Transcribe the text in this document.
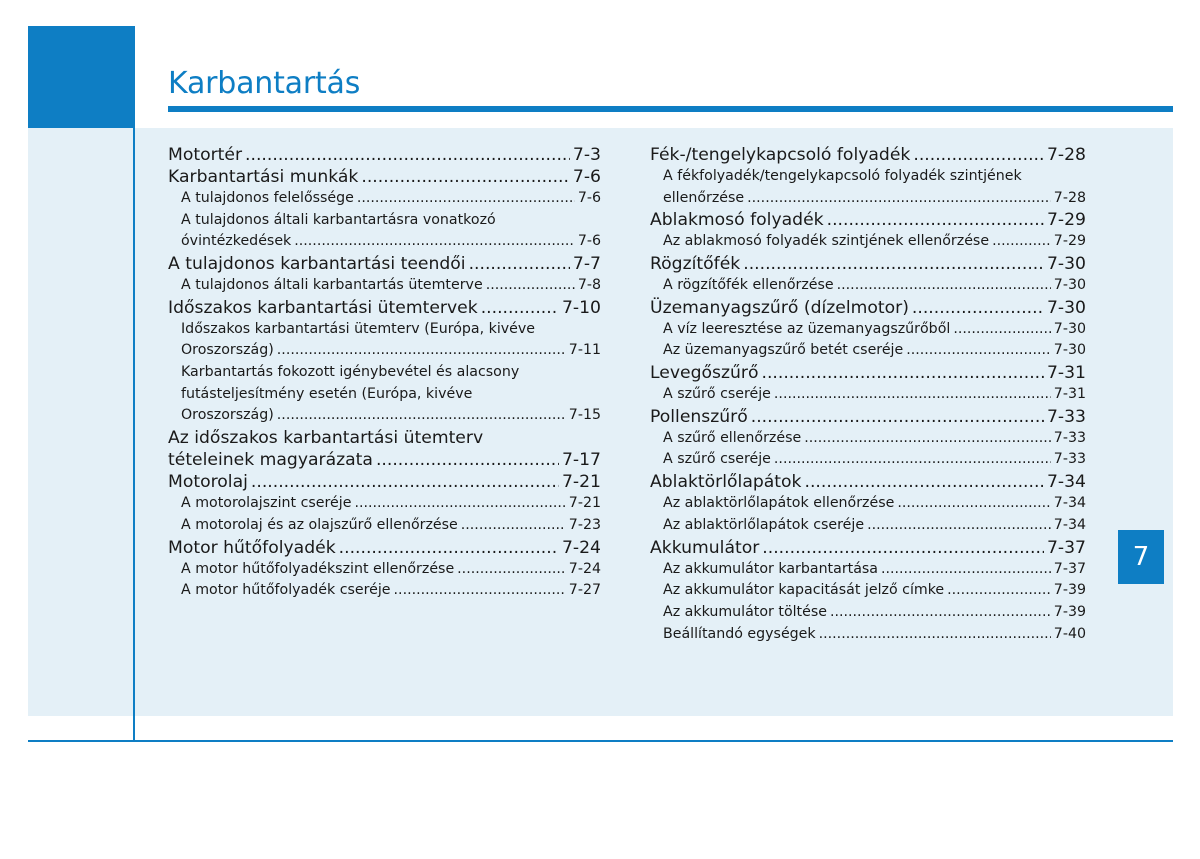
Karbantartás
Motortér .....	7-3
Karbantartási munkák .....	7-6
A tulajdonos felelőssége .....	7-6
A tulajdonos általi karbantartásra vonatkozó
óvintézkedések .....	7-6
A tulajdonos karbantartási teendői .....	7-7
A tulajdonos általi karbantartás ütemterve .....	7-8
Időszakos karbantartási ütemtervek .....	7-10
Időszakos karbantartási ütemterv (Európa, kivéve
Oroszország) .....	7-11
Karbantartás fokozott igénybevétel és alacsony
futásteljesítmény esetén (Európa, kivéve
Oroszország) .....	7-15
Az időszakos karbantartási ütemterv
tételeinek magyarázata .....	7-17
Motorolaj .....	7-21
A motorolajszint cseréje .....	7-21
A motorolaj és az olajszűrő ellenőrzése .....	7-23
Motor hűtőfolyadék .....	7-24
A motor hűtőfolyadékszint ellenőrzése .....	7-24
A motor hűtőfolyadék cseréje .....	7-27
Fék-/tengelykapcsoló folyadék .....	7-28
A fékfolyadék/tengelykapcsoló folyadék szintjének
ellenőrzése .....	7-28
Ablakmosó folyadék .....	7-29
Az ablakmosó folyadék szintjének ellenőrzése .....	7-29
Rögzítőfék .....	7-30
A rögzítőfék ellenőrzése .....	7-30
Üzemanyagszűrő (dízelmotor) .....	7-30
A víz leeresztése az üzemanyagszűrőből .....	7-30
Az üzemanyagszűrő betét cseréje .....	7-30
Levegőszűrő .....	7-31
A szűrő cseréje .....	7-31
Pollenszűrő .....	7-33
A szűrő ellenőrzése .....	7-33
A szűrő cseréje .....	7-33
Ablaktörlőlapátok .....	7-34
Az ablaktörlőlapátok ellenőrzése .....	7-34
Az ablaktörlőlapátok cseréje .....	7-34
Akkumulátor .....	7-37
Az akkumulátor karbantartása .....	7-37
Az akkumulátor kapacitását jelző címke .....	7-39
Az akkumulátor töltése .....	7-39
Beállítandó egységek .....	7-40
7
